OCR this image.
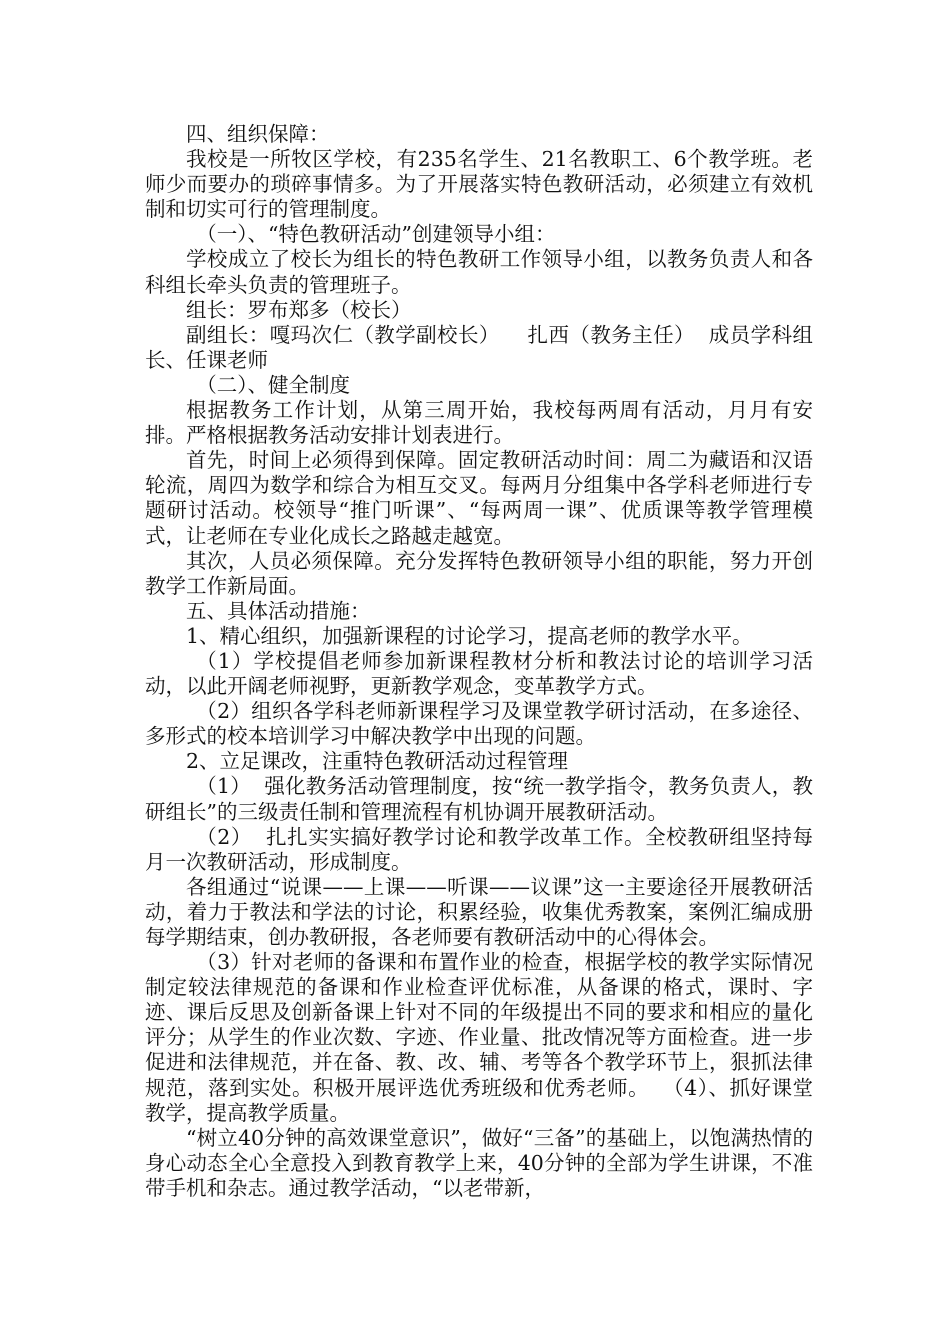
四、组织保障：

我校是一所牧区学校，有235名学生、21名教职工、6个教学班。老师少而要办的琐碎事情多。为了开展落实特色教研活动，必须建立有效机制和切实可行的管理制度。

（一）、“特色教研活动”创建领导小组：

学校成立了校长为组长的特色教研工作领导小组，以教务负责人和各科组长牵头负责的管理班子。

组长：罗布郑多（校长）

副组长：嘎玛次仁（教学副校长）    扎西（教务主任）  成员学科组长、任课老师

（二）、健全制度

根据教务工作计划，从第三周开始，我校每两周有活动，月月有安排。严格根据教务活动安排计划表进行。

首先，时间上必须得到保障。固定教研活动时间：周二为藏语和汉语轮流，周四为数学和综合为相互交叉。每两月分组集中各学科老师进行专题研讨活动。校领导“推门听课”、“每两周一课”、优质课等教学管理模式，让老师在专业化成长之路越走越宽。

其次，人员必须保障。充分发挥特色教研领导小组的职能，努力开创教学工作新局面。

五、具体活动措施：

1、精心组织，加强新课程的讨论学习，提高老师的教学水平。

（1）学校提倡老师参加新课程教材分析和教法讨论的培训学习活动，以此开阔老师视野，更新教学观念，变革教学方式。

（2）组织各学科老师新课程学习及课堂教学研讨活动，在多途径、多形式的校本培训学习中解决教学中出现的问题。

2、立足课改，注重特色教研活动过程管理

（1）  强化教务活动管理制度，按“统一教学指令，教务负责人，教研组长”的三级责任制和管理流程有机协调开展教研活动。

（2）  扎扎实实搞好教学讨论和教学改革工作。全校教研组坚持每月一次教研活动，形成制度。

各组通过“说课——上课——听课——议课”这一主要途径开展教研活动，着力于教法和学法的讨论，积累经验，收集优秀教案，案例汇编成册每学期结束，创办教研报，各老师要有教研活动中的心得体会。

（3）针对老师的备课和布置作业的检查，根据学校的教学实际情况制定较法律规范的备课和作业检查评优标准，从备课的格式，课时、字迹、课后反思及创新备课上针对不同的年级提出不同的要求和相应的量化评分；从学生的作业次数、字迹、作业量、批改情况等方面检查。进一步促进和法律规范，并在备、教、改、辅、考等各个教学环节上，狠抓法律规范，落到实处。积极开展评选优秀班级和优秀老师。  （4）、抓好课堂教学，提高教学质量。

“树立40分钟的高效课堂意识”，做好“三备”的基础上，以饱满热情的身心动态全心全意投入到教育教学上来，40分钟的全部为学生讲课，不准带手机和杂志。通过教学活动，“以老带新，
